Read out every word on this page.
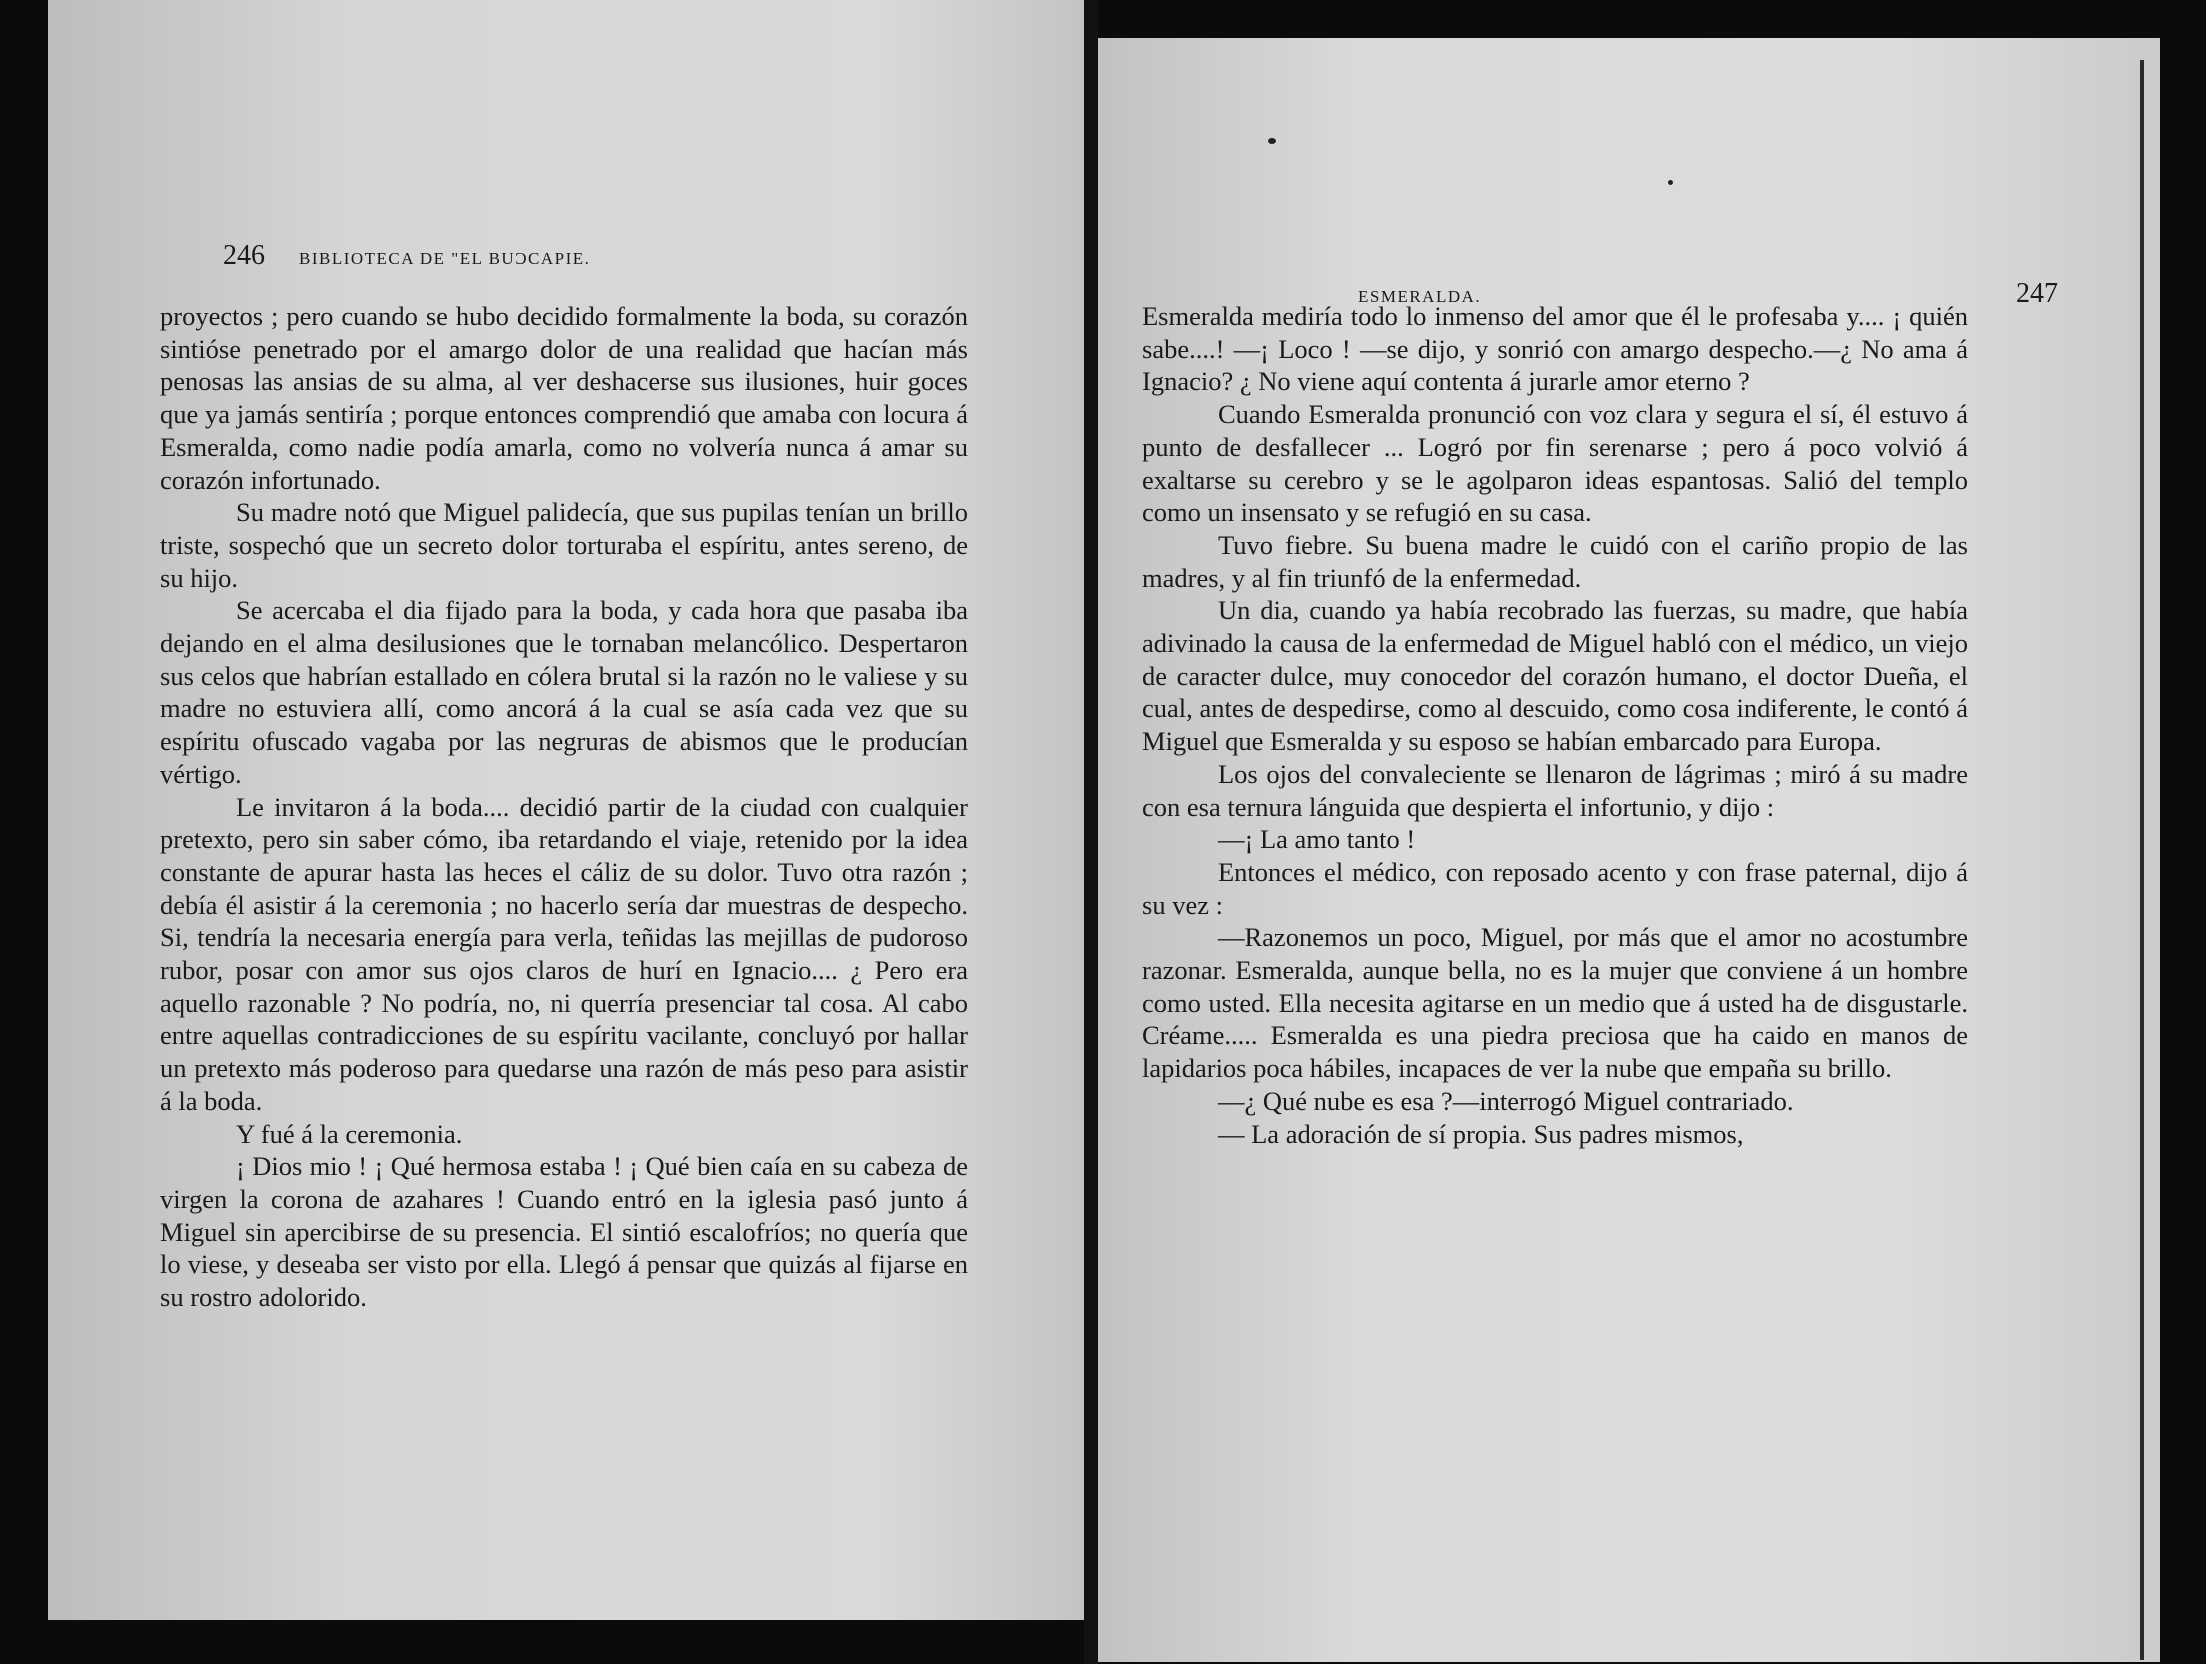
246 BIBLIOTECA DE "EL BUƆCAPIE.

proyectos ; pero cuando se hubo decidido formalmente la boda, su corazón sintióse penetrado por el amargo dolor de una realidad que hacían más penosas las ansias de su alma, al ver deshacerse sus ilusiones, huir goces que ya jamás sentiría ; porque entonces comprendió que amaba con locura á Esmeralda, como nadie podía amarla, como no volvería nunca á amar su corazón infortunado.

Su madre notó que Miguel palidecía, que sus pupilas tenían un brillo triste, sospechó que un secreto dolor torturaba el espíritu, antes sereno, de su hijo.

Se acercaba el dia fijado para la boda, y cada hora que pasaba iba dejando en el alma desilusiones que le tornaban melancólico. Despertaron sus celos que habrían estallado en cólera brutal si la razón no le valiese y su madre no estuviera allí, como ancorá á la cual se asía cada vez que su espíritu ofuscado vagaba por las negruras de abismos que le producían vértigo.

Le invitaron á la boda.... decidió partir de la ciudad con cualquier pretexto, pero sin saber cómo, iba retardando el viaje, retenido por la idea constante de apurar hasta las heces el cáliz de su dolor. Tuvo otra razón ; debía él asistir á la ceremonia ; no hacerlo sería dar muestras de despecho. Si, tendría la necesaria energía para verla, teñidas las mejillas de pudoroso rubor, posar con amor sus ojos claros de hurí en Ignacio.... ¿ Pero era aquello razonable ? No podría, no, ni querría presenciar tal cosa. Al cabo entre aquellas contradicciones de su espíritu vacilante, concluyó por hallar un pretexto más poderoso para quedarse una razón de más peso para asistir á la boda.

Y fué á la ceremonia.

¡ Dios mio ! ¡ Qué hermosa estaba ! ¡ Qué bien caía en su cabeza de virgen la corona de azahares ! Cuando entró en la iglesia pasó junto á Miguel sin apercibirse de su presencia. El sintió escalofríos; no quería que lo viese, y deseaba ser visto por ella. Llegó á pensar que quizás al fijarse en su rostro adolorido.

ESMERALDA.	247

Esmeralda mediría todo lo inmenso del amor que él le profesaba y.... ¡ quién sabe....! —¡ Loco ! —se dijo, y sonrió con amargo despecho.—¿ No ama á Ignacio? ¿ No viene aquí contenta á jurarle amor eterno ?

Cuando Esmeralda pronunció con voz clara y segura el sí, él estuvo á punto de desfallecer ... Logró por fin serenarse ; pero á poco volvió á exaltarse su cerebro y se le agolparon ideas espantosas. Salió del templo como un insensato y se refugió en su casa.

Tuvo fiebre. Su buena madre le cuidó con el cariño propio de las madres, y al fin triunfó de la enfermedad.

Un dia, cuando ya había recobrado las fuerzas, su madre, que había adivinado la causa de la enfermedad de Miguel habló con el médico, un viejo de caracter dulce, muy conocedor del corazón humano, el doctor Dueña, el cual, antes de despedirse, como al descuido, como cosa indiferente, le contó á Miguel que Esmeralda y su esposo se habían embarcado para Europa.

Los ojos del convaleciente se llenaron de lágrimas ; miró á su madre con esa ternura lánguida que despierta el infortunio, y dijo :

—¡ La amo tanto !

Entonces el médico, con reposado acento y con frase paternal, dijo á su vez :

—Razonemos un poco, Miguel, por más que el amor no acostumbre razonar. Esmeralda, aunque bella, no es la mujer que conviene á un hombre como usted. Ella necesita agitarse en un medio que á usted ha de disgustarle. Créame..... Esmeralda es una piedra preciosa que ha caido en manos de lapidarios poca hábiles, incapaces de ver la nube que empaña su brillo.

—¿ Qué nube es esa ?—interrogó Miguel contrariado.

— La adoración de sí propia. Sus padres mismos,
